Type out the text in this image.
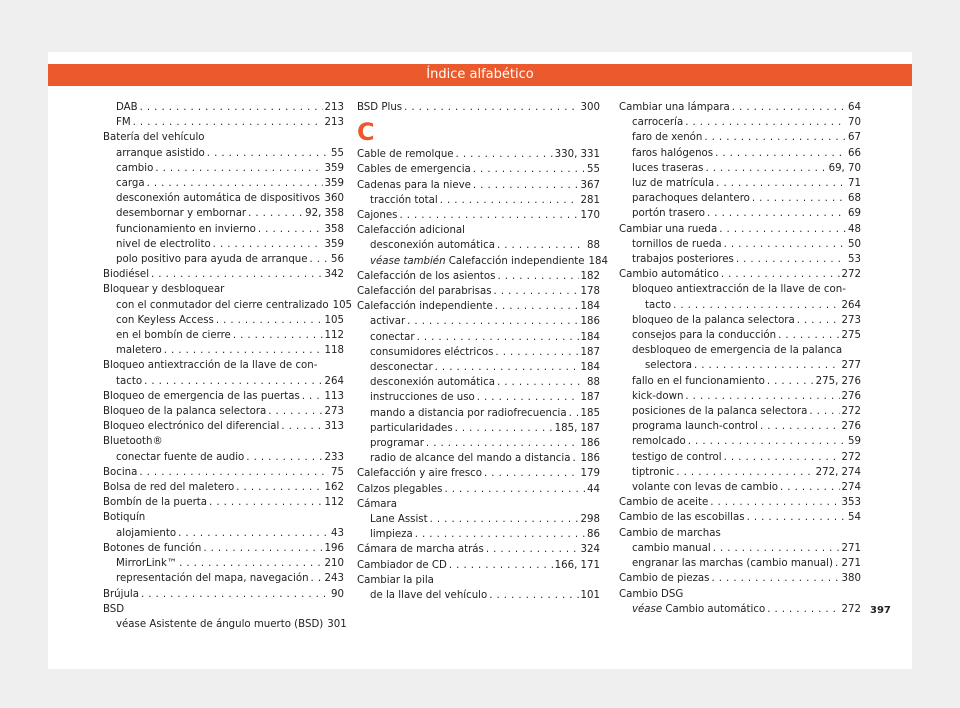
Índice alfabético
DAB . . .	213
FM . . .	213
Batería del vehículo
arranque asistido . . .	55
cambio . . .	359
carga . . .	359
desconexión automática de dispositivos . . . 360
desembornar y embornar . . .	92, 358
funcionamiento en invierno . . .	358
nivel de electrolito . . .	359
polo positivo para ayuda de arranque . . . 56
Biodiésel . . .	342
Bloquear y desbloquear
con el conmutador del cierre centralizado 105
con Keyless Access . . .	105
en el bombín de cierre . . .	112
maletero . . .	118
Bloqueo antiextracción de la llave de con-
tacto . . .	264
Bloqueo de emergencia de las puertas . . . 113
Bloqueo de la palanca selectora . . .	273
Bloqueo electrónico del diferencial . . .	313
Bluetooth®
conectar fuente de audio . . .	233
Bocina . . .	75
Bolsa de red del maletero . . .	162
Bombín de la puerta . . .	112
Botiquín
alojamiento . . .	43
Botones de función . . .	196
MirrorLink™ . . .	210
representación del mapa, navegación . . . 243
Brújula . . .	90
BSD
véase Asistente de ángulo muerto (BSD) 301
BSD Plus . . .	300
C
Cable de remolque . . .	330, 331
Cables de emergencia . . .	55
Cadenas para la nieve . . .	367
tracción total . . .	281
Cajones . . .	170
Calefacción adicional
desconexión automática . . .	88
véase también Calefacción independiente 184
Calefacción de los asientos . . .	182
Calefacción del parabrisas . . .	178
Calefacción independiente . . .	184
activar . . .	186
conectar . . .	184
consumidores eléctricos . . .	187
desconectar . . .	184
desconexión automática . . .	88
instrucciones de uso . . .	187
mando a distancia por radiofrecuencia . . . 185
particularidades . . .	185, 187
programar . . .	186
radio de alcance del mando a distancia . . . 186
Calefacción y aire fresco . . .	179
Calzos plegables . . .	44
Cámara
Lane Assist . . .	298
limpieza . . .	86
Cámara de marcha atrás . . .	324
Cambiador de CD . . .	166, 171
Cambiar la pila
de la llave del vehículo . . .	101
Cambiar una lámpara . . .	64
carrocería . . .	70
faro de xenón . . .	67
faros halógenos . . .	66
luces traseras . . .	69, 70
luz de matrícula . . .	71
parachoques delantero . . .	68
portón trasero . . .	69
Cambiar una rueda . . .	48
tornillos de rueda . . .	50
trabajos posteriores . . .	53
Cambio automático . . .	272
bloqueo antiextracción de la llave de con-
tacto . . .	264
bloqueo de la palanca selectora . . .	273
consejos para la conducción . . .	275
desbloqueo de emergencia de la palanca
selectora . . .	277
fallo en el funcionamiento . . .	275, 276
kick-down . . .	276
posiciones de la palanca selectora . . .	272
programa launch-control . . .	276
remolcado . . .	59
testigo de control . . .	272
tiptronic . . .	272, 274
volante con levas de cambio . . .	274
Cambio de aceite . . .	353
Cambio de las escobillas . . .	54
Cambio de marchas
cambio manual . . .	271
engranar las marchas (cambio manual) . . . 271
Cambio de piezas . . .	380
Cambio DSG
véase Cambio automático . . .	272 397
